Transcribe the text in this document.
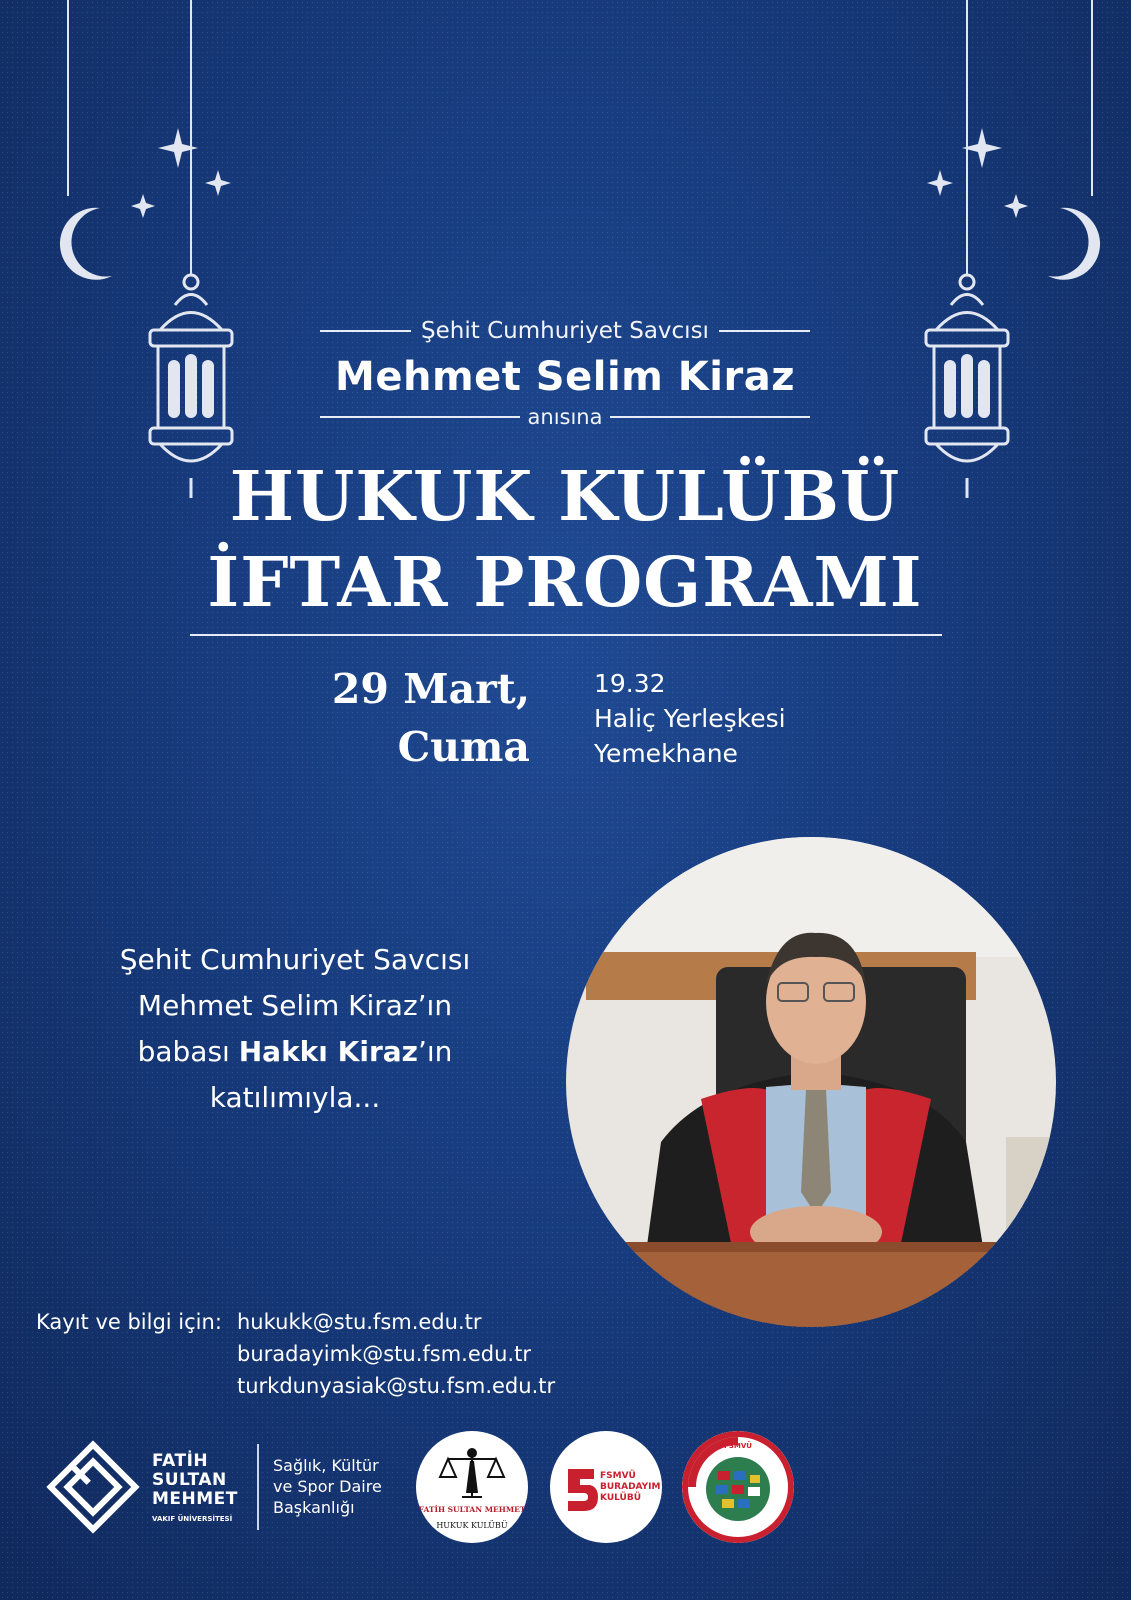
Şehit Cumhuriyet Savcısı
Mehmet Selim Kiraz
anısına
HUKUK KULÜBÜ
İFTAR PROGRAMI
29 Mart,
Cuma
19.32
Haliç Yerleşkesi
Yemekhane
Şehit Cumhuriyet Savcısı
Mehmet Selim Kiraz’ın
babası Hakkı Kiraz’ın
katılımıyla...
Kayıt ve bilgi için: hukukk@stu.fsm.edu.tr
buradayimk@stu.fsm.edu.tr
turkdunyasiak@stu.fsm.edu.tr
FATİH
SULTAN
MEHMET
VAKIF ÜNİVERSİTESİ
Sağlık, Kültür
ve Spor Daire
Başkanlığı	FATİH SULTAN MEHMET
HUKUK KULÜBÜ
FSMVÜ
BURADAYIM
KULÜBÜ
FSMVÜ
